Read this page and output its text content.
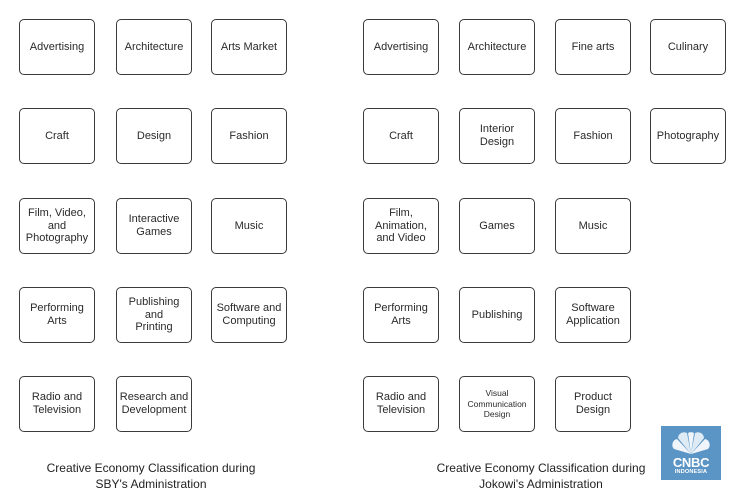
Advertising	Architecture	Arts Market
Craft	Design	Fashion
Film, Video,
and
Photography
Interactive
Games
Music
Performing
Arts
Publishing and
Printing
Software and
Computing
Radio and
Television
Research and
Development
Creative Economy Classification during
SBY's Administration
Advertising	Architecture	Fine arts	Culinary
Craft
Interior
Design
Fashion	Photography
Film,
Animation,
and Video
Games	Music
Performing
Arts
Publishing
Software
Application
Radio and
Television
Visual
Communication
Design
Product
Design
Creative Economy Classification during
Jokowi's Administration
CNBC
INDONESIA
